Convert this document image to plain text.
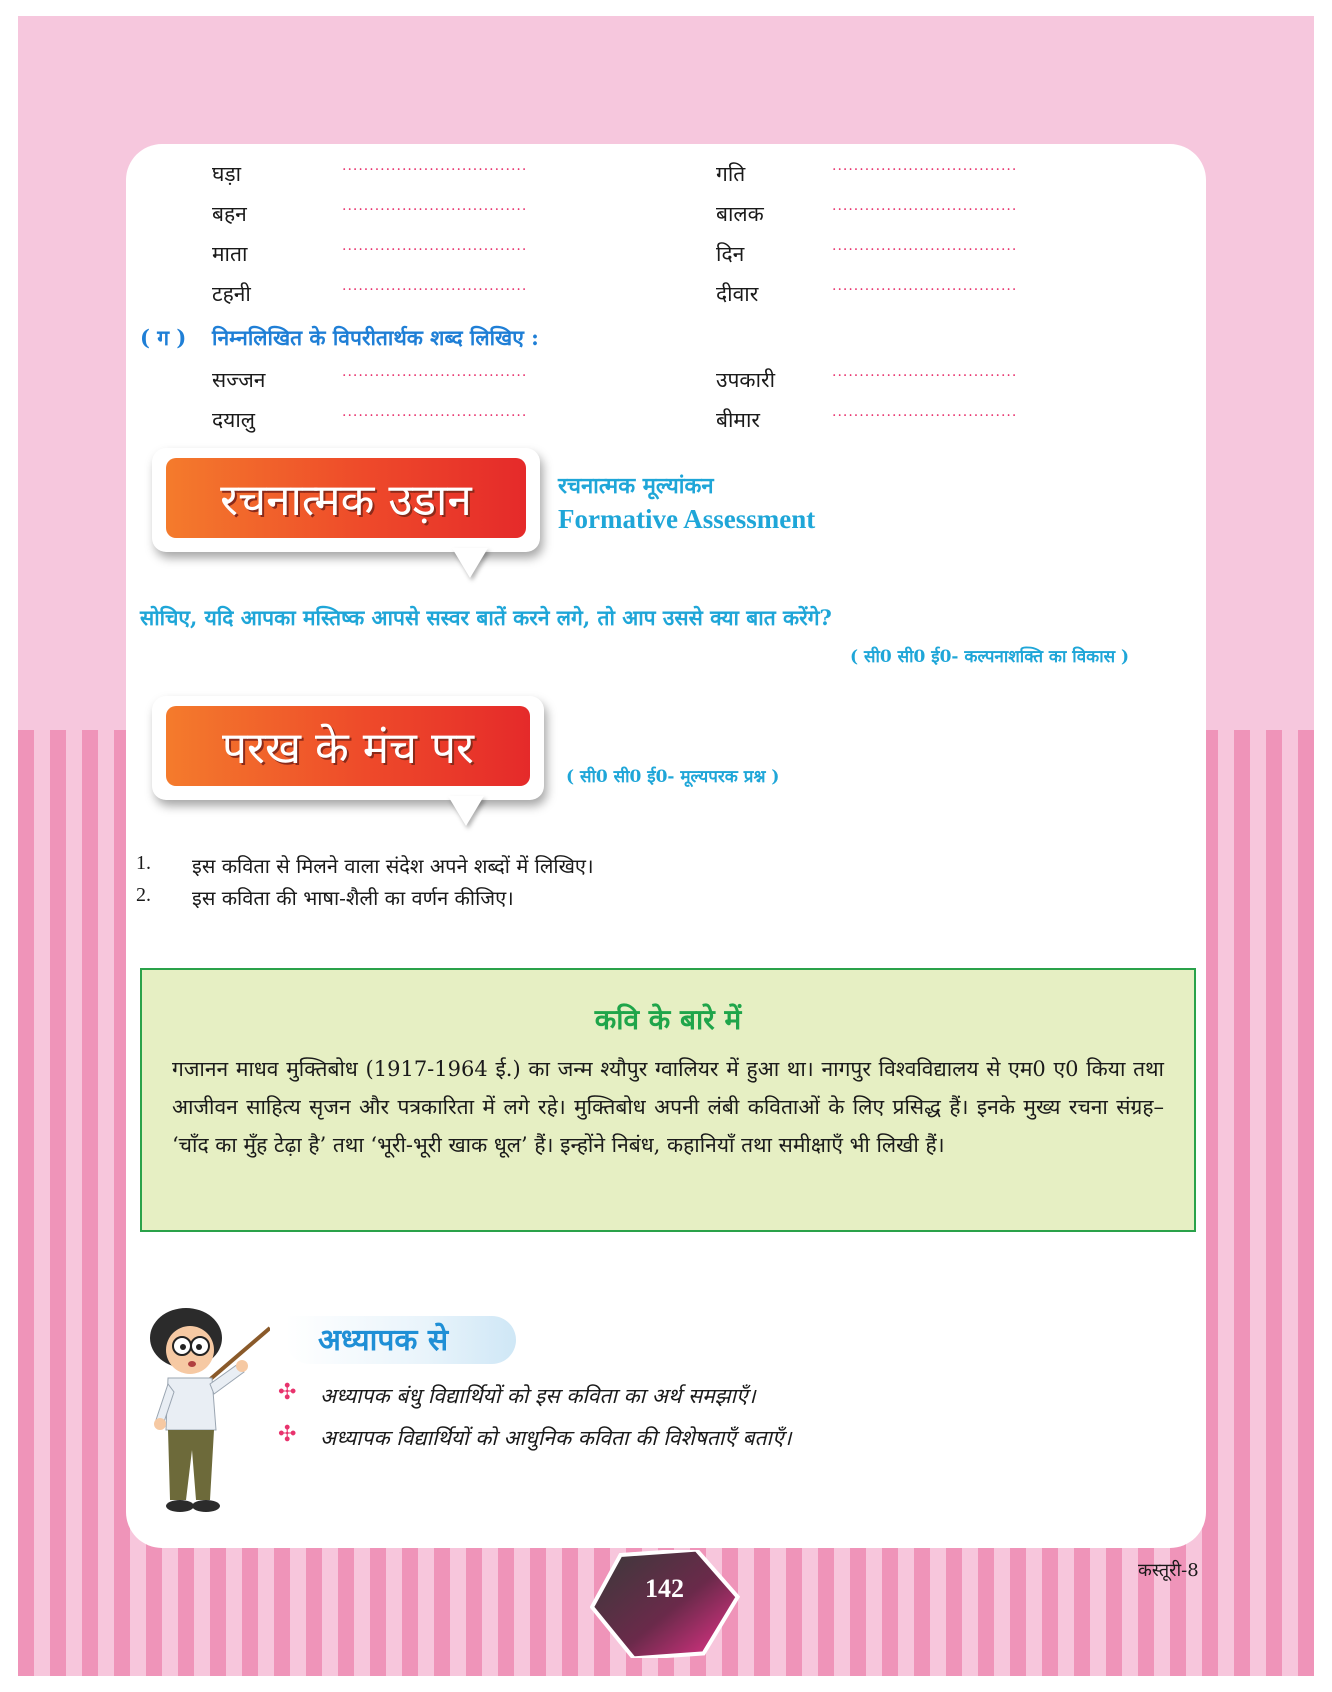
घड़ा	..................................	गति	..................................
बहन	..................................	बालक	..................................
माता	..................................	दिन	..................................
टहनी	..................................	दीवार	..................................
( ग ) निम्नलिखित के विपरीतार्थक शब्द लिखिए :
सज्जन	..................................	उपकारी	..................................
दयालु	..................................	बीमार	..................................
रचनात्मक उड़ान	रचनात्मक मूल्यांकन
Formative Assessment
सोचिए, यदि आपका मस्तिष्क आपसे सस्वर बातें करने लगे, तो आप उससे क्या बात करेंगे?
( सी0 सी0 ई0- कल्पनाशक्ति का विकास )
परख के मंच पर
( सी0 सी0 ई0- मूल्यपरक प्रश्न )
1. इस कविता से मिलने वाला संदेश अपने शब्दों में लिखिए।
2. इस कविता की भाषा-शैली का वर्णन कीजिए।
कवि के बारे में
गजानन माधव मुक्तिबोध (1917-1964 ई.) का जन्म श्यौपुर ग्वालियर में हुआ था। नागपुर विश्वविद्यालय से एम0 ए0 किया तथा आजीवन साहित्य सृजन और पत्रकारिता में लगे रहे। मुक्तिबोध अपनी लंबी कविताओं के लिए प्रसिद्ध हैं। इनके मुख्य रचना संग्रह– ‘चाँद का मुँह टेढ़ा है’ तथा ‘भूरी-भूरी खाक धूल’ हैं। इन्होंने निबंध, कहानियाँ तथा समीक्षाएँ भी लिखी हैं।
अध्यापक से
✣ अध्यापक बंधु विद्यार्थियों को इस कविता का अर्थ समझाएँ।
✣ अध्यापक विद्यार्थियों को आधुनिक कविता की विशेषताएँ बताएँ।
कस्तूरी-8
142
